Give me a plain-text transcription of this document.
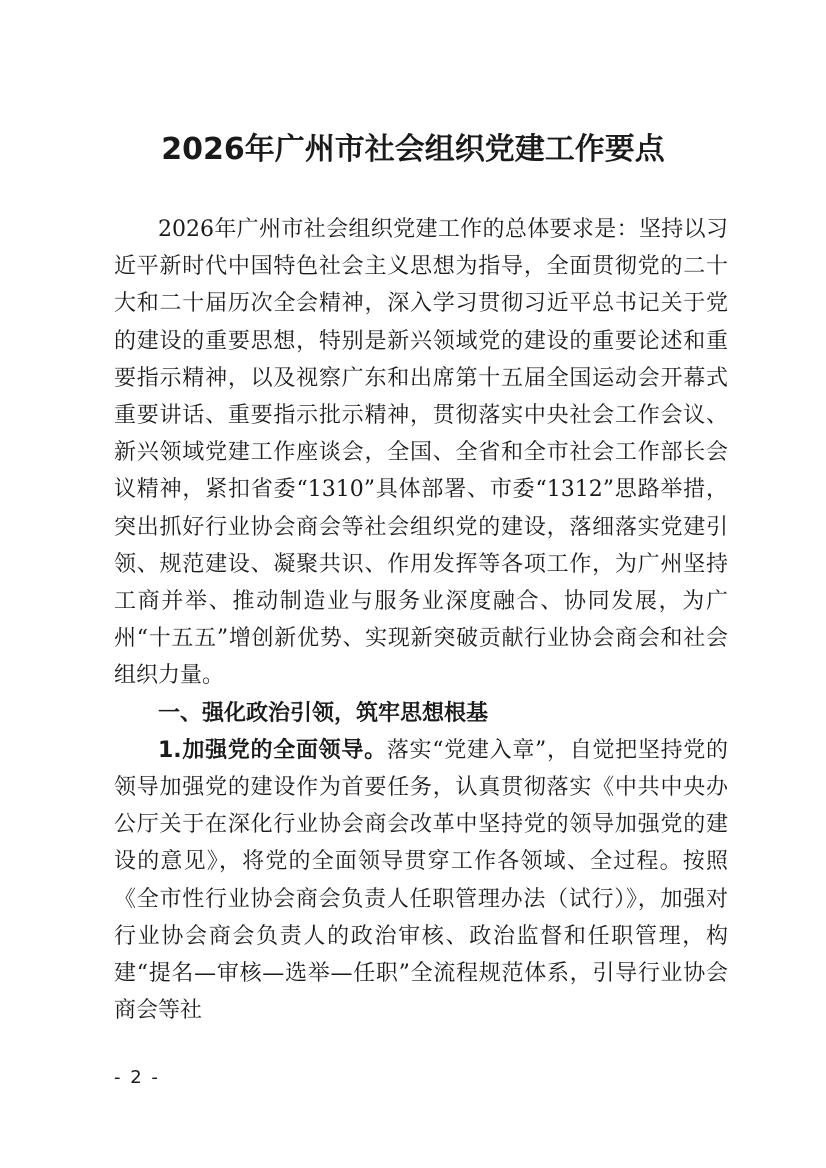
2026年广州市社会组织党建工作要点

2026年广州市社会组织党建工作的总体要求是：坚持以习近平新时代中国特色社会主义思想为指导，全面贯彻党的二十大和二十届历次全会精神，深入学习贯彻习近平总书记关于党的建设的重要思想，特别是新兴领域党的建设的重要论述和重要指示精神，以及视察广东和出席第十五届全国运动会开幕式重要讲话、重要指示批示精神，贯彻落实中央社会工作会议、新兴领域党建工作座谈会，全国、全省和全市社会工作部长会议精神，紧扣省委“1310”具体部署、市委“1312”思路举措，突出抓好行业协会商会等社会组织党的建设，落细落实党建引领、规范建设、凝聚共识、作用发挥等各项工作，为广州坚持工商并举、推动制造业与服务业深度融合、协同发展，为广州“十五五”增创新优势、实现新突破贡献行业协会商会和社会组织力量。

一、强化政治引领，筑牢思想根基

1.加强党的全面领导。落实“党建入章”，自觉把坚持党的领导加强党的建设作为首要任务，认真贯彻落实《中共中央办公厅关于在深化行业协会商会改革中坚持党的领导加强党的建设的意见》，将党的全面领导贯穿工作各领域、全过程。按照《全市性行业协会商会负责人任职管理办法（试行）》，加强对行业协会商会负责人的政治审核、政治监督和任职管理，构建“提名—审核—选举—任职”全流程规范体系，引导行业协会商会等社

- 2 -
